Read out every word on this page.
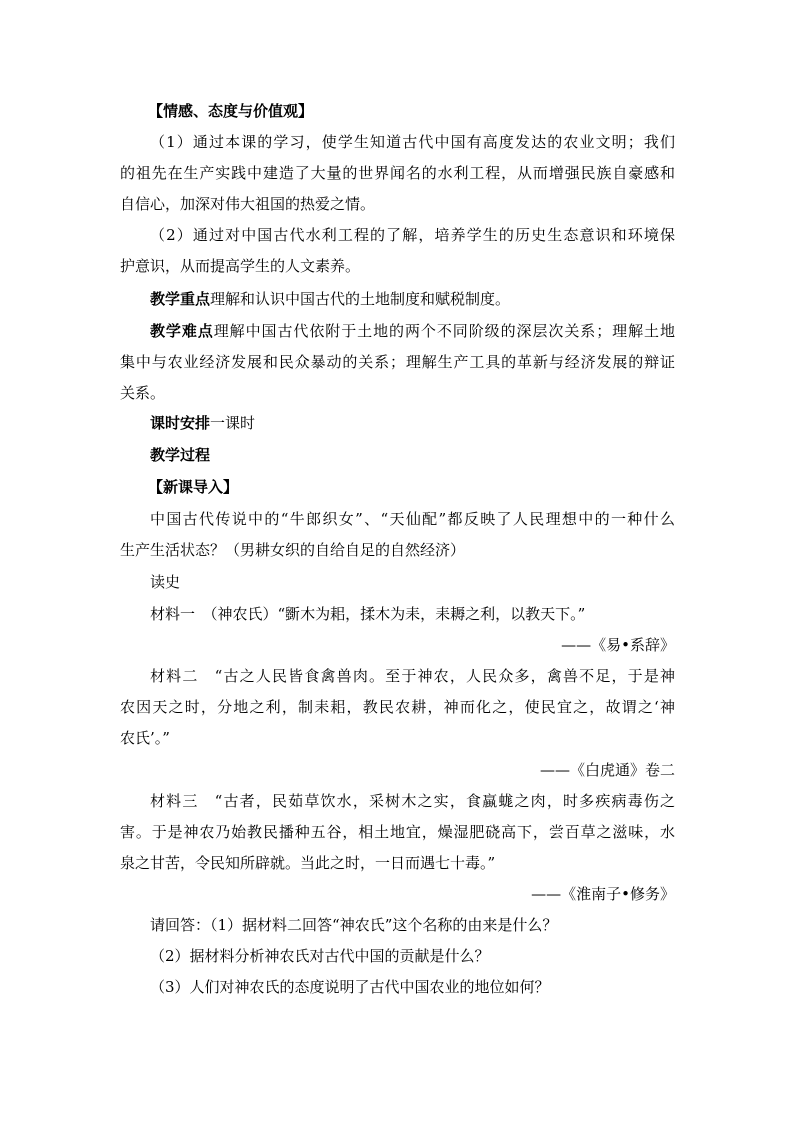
【情感、态度与价值观】
（1）通过本课的学习，使学生知道古代中国有高度发达的农业文明；我们
的祖先在生产实践中建造了大量的世界闻名的水利工程，从而增强民族自豪感和
自信心，加深对伟大祖国的热爱之情。
（2）通过对中国古代水利工程的了解，培养学生的历史生态意识和环境保
护意识，从而提高学生的人文素养。
教学重点理解和认识中国古代的土地制度和赋税制度。
教学难点理解中国古代依附于土地的两个不同阶级的深层次关系；理解土地
集中与农业经济发展和民众暴动的关系；理解生产工具的革新与经济发展的辩证
关系。
课时安排一课时
教学过程
【新课导入】
中国古代传说中的“牛郎织女”、“天仙配”都反映了人民理想中的一种什么
生产生活状态？（男耕女织的自给自足的自然经济）
读史
材料一　（神农氏）“斵木为耜，揉木为耒，耒耨之利，以教天下。”
——《易•系辞》
材料二　“古之人民皆食禽兽肉。至于神农，人民众多，禽兽不足，于是神
农因天之时，分地之利，制耒耜，教民农耕，神而化之，使民宜之，故谓之‘神
农氏’。”
——《白虎通》卷二
材料三　“古者，民茹草饮水，采树木之实，食蠃蛖之肉，时多疾病毒伤之
害。于是神农乃始教民播种五谷，相土地宜，燥湿肥硗高下，尝百草之滋味，水
泉之甘苦，令民知所辟就。当此之时，一日而遇七十毒。”
——《淮南子•修务》
请回答：（1）据材料二回答“神农氏”这个名称的由来是什么？
（2）据材料分析神农氏对古代中国的贡献是什么？
（3）人们对神农氏的态度说明了古代中国农业的地位如何？
